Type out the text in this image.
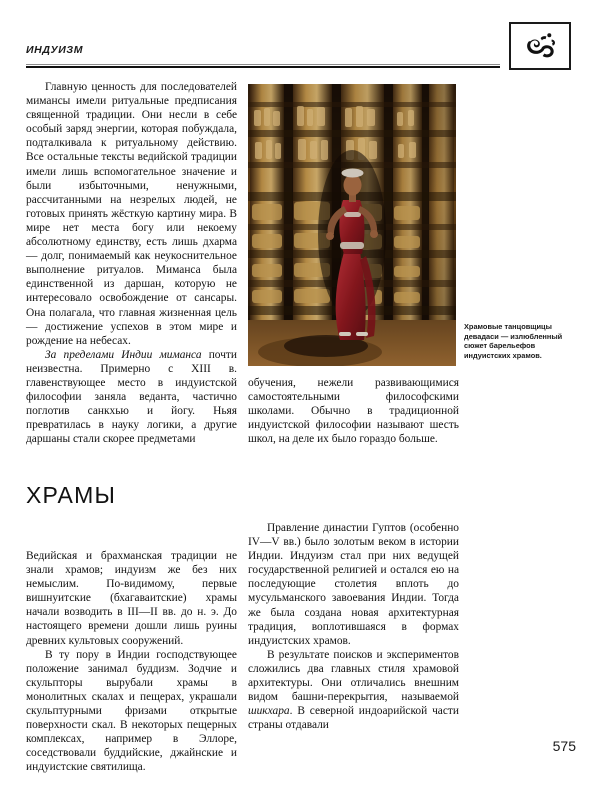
ИНДУИЗМ
Храмовые танцовщицы девадаси — излюбленный сюжет барельефов индуистских храмов.

Главную ценность для последователей мимансы имели ритуальные предписания священной традиции. Они несли в себе особый заряд энергии, которая побуждала, подталкивала к ритуальному действию. Все остальные тексты ведийской традиции имели лишь вспомогательное значение и были избыточными, ненужными, рассчитанными на незрелых людей, не готовых принять жёсткую картину мира. В мире нет места богу или некоему абсолютному единству, есть лишь дхарма — долг, понимаемый как неукоснительное выполнение ритуалов. Миманса была единственной из даршан, которую не интересовало освобождение от сансары. Она полагала, что главная жизненная цель — достижение успехов в этом мире и рождение на небесах.

За пределами Индии миманса почти неизвестна. Примерно с XIII в. главенствующее место в индуистской философии заняла веданта, частично поглотив санкхью и йогу. Ньяя превратилась в науку логики, а другие даршаны стали скорее предметами

обучения, нежели развивающимися самостоятельными философскими школами. Обычно в традиционной индуистской философии называют шесть школ, на деле их было гораздо больше.

ХРАМЫ

Ведийская и брахманская традиции не знали храмов; индуизм же без них немыслим. По-видимому, первые вишнуитские (бхагаваитские) храмы начали возводить в III—II вв. до н. э. До настоящего времени дошли лишь руины древних культовых сооружений.

В ту пору в Индии господствующее положение занимал буддизм. Зодчие и скульпторы вырубали храмы в монолитных скалах и пещерах, украшали скульптурными фризами открытые поверхности скал. В некоторых пещерных комплексах, например в Эллоре, соседствовали буддийские, джайнские и индуистские святилища.

Правление династии Гуптов (особенно IV—V вв.) было золотым веком в истории Индии. Индуизм стал при них ведущей государственной религией и остался ею на последующие столетия вплоть до мусульманского завоевания Индии. Тогда же была создана новая архитектурная традиция, воплотившаяся в формах индуистских храмов.

В результате поисков и экспериментов сложились два главных стиля храмовой архитектуры. Они отличались внешним видом башни-перекрытия, называемой шикхара. В северной индоарийской части страны отдавали

575
